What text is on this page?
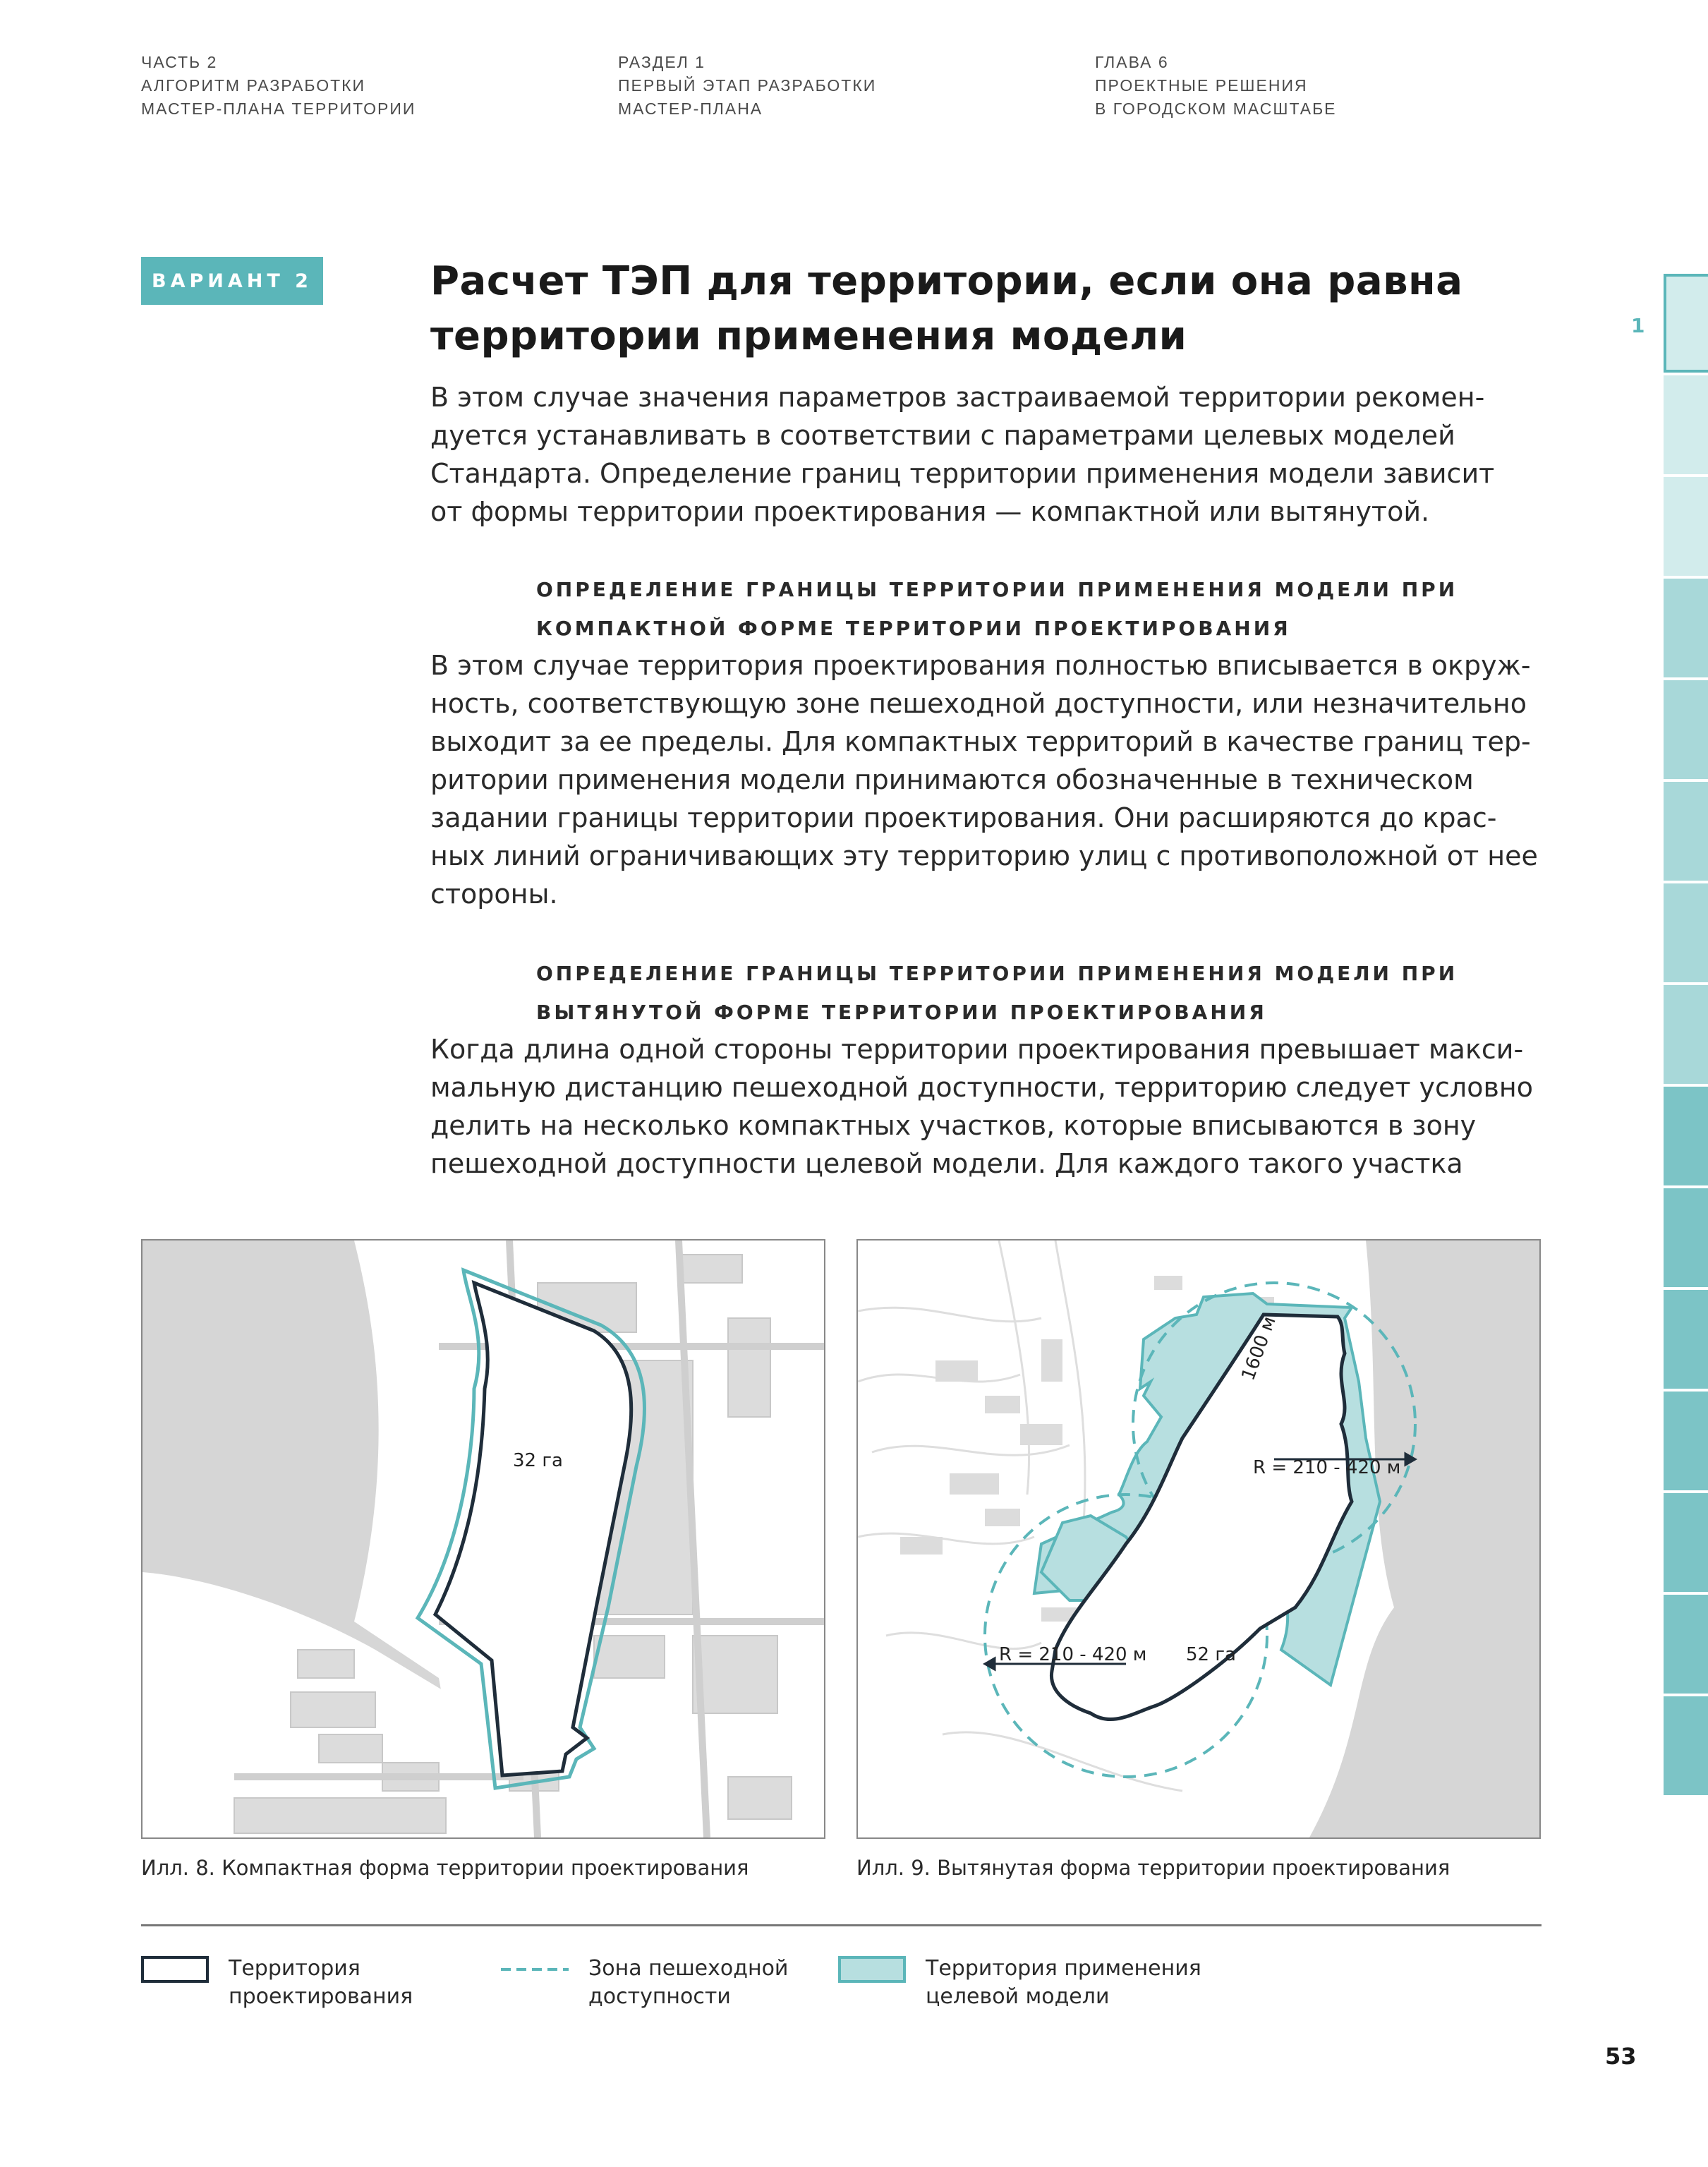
ЧАСТЬ 2
АЛГОРИТМ РАЗРАБОТКИ
МАСТЕР-ПЛАНА ТЕРРИТОРИИ
РАЗДЕЛ 1
ПЕРВЫЙ ЭТАП РАЗРАБОТКИ
МАСТЕР-ПЛАНА
ГЛАВА 6
ПРОЕКТНЫЕ РЕШЕНИЯ
В ГОРОДСКОМ МАСШТАБЕ
ВАРИАНТ 2	Расчет ТЭП для территории, если она равна
территории применения модели
В этом случае значения параметров застраиваемой территории рекомен-
дуется устанавливать в соответствии с параметрами целевых моделей
Стандарта. Определение границ территории применения модели зависит
от формы территории проектирования — компактной или вытянутой.
ОПРЕДЕЛЕНИЕ ГРАНИЦЫ ТЕРРИТОРИИ ПРИМЕНЕНИЯ МОДЕЛИ ПРИ
КОМПАКТНОЙ ФОРМЕ ТЕРРИТОРИИ ПРОЕКТИРОВАНИЯ
В этом случае территория проектирования полностью вписывается в окруж-
ность, соответствующую зоне пешеходной доступности, или незначительно
выходит за ее пределы. Для компактных территорий в качестве границ тер-
ритории применения модели принимаются обозначенные в техническом
задании границы территории проектирования. Они расширяются до крас-
ных линий ограничивающих эту территорию улиц с противоположной от нее
стороны.
ОПРЕДЕЛЕНИЕ ГРАНИЦЫ ТЕРРИТОРИИ ПРИМЕНЕНИЯ МОДЕЛИ ПРИ
ВЫТЯНУТОЙ ФОРМЕ ТЕРРИТОРИИ ПРОЕКТИРОВАНИЯ
Когда длина одной стороны территории проектирования превышает макси-
мальную дистанцию пешеходной доступности, территорию следует условно
делить на несколько компактных участков, которые вписываются в зону
пешеходной доступности целевой модели. Для каждого такого участка
32 га
Илл. 8. Компактная форма территории проектирования
1600 м
R = 210 - 420 м
R = 210 - 420 м 52 га
Илл. 9. Вытянутая форма территории проектирования
Территория
проектирования
Зона пешеходной
доступности
Территория применения
целевой модели
1
53
